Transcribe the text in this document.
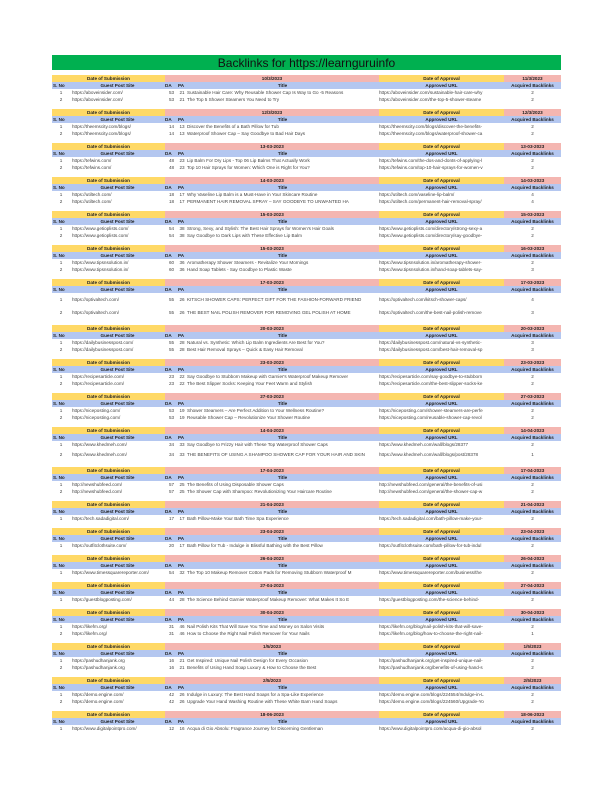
Backlinks for https://learnguruinfo
Date of Submission	10/3/2023	Date of Approval	11/3/2023
S. No	Guest Post Site	DA	PA	Title	Approved URL	Acquired Backlinks
1	https://aboveinsider.com/	53	21 Sustainable Hair Care: Why Reusable Shower Cap Is Way to Go -5 Reasons	https://aboveinsider.com/sustainable-hair-care-why	2
2	https://aboveinsider.com/	53	21 The Top 5 Shower Steamers You Need to Try	https://aboveinsider.com/the-top-5-shower-steame	2
Date of Submission	12/3/2023	Date of Approval	12/3/2023
S. No	Guest Post Site	DA	PA	Title	Approved URL	Acquired Backlinks
1	https://theemscity.com/blogs/	14	13 Discover the Benefits of a Bath Pillow for Tub	https://theemscity.com/blogs/discover-the-benefits-	2
2	https://theemscity.com/blogs/	14	13 Waterproof Shower Cap – Say Goodbye to Bad Hair Days	https://theemscity.com/blogs/waterproof-shower-ca	2
Date of Submission	13-03-2023	Date of Approval	13-03-2023
S. No	Guest Post Site	DA	PA	Title	Approved URL	Acquired Backlinks
1	https://tefwins.com/	48	23 Lip Balm For Dry Lips - Top 06 Lip Balms That Actually Work	https://tefwins.com/the-dos-and-donts-of-applying-l	2
2	https://tefwins.com/	48	23 Top 10 Hair Sprays for Women: Which One is Right for You?	https://tefwins.com/top-10-hair-sprays-for-women-v	2
Date of Submission	14-03-2023	Date of Approval	14-03-2023
S. No	Guest Post Site	DA	PA	Title	Approved URL	Acquired Backlinks
1	https://utiltech.com/	18	17 Why Vaseline Lip Balm is a Must-Have in Your Skincare Routine	https://utiltech.com/vaseline-lip-balm/	4
2	https://utiltech.com/	18	17 PERMANENT HAIR REMOVAL SPRAY – SAY GOODBYE TO UNWANTED HA	https://utiltech.com/permanent-hair-removal-spray/	4
Date of Submission	15-03-2023	Date of Approval	15-03-2023
S. No	Guest Post Site	DA	PA	Title	Approved URL	Acquired Backlinks
1	https://www.getioplists.com/	54	38 Strong, Sexy, and Stylish: The Best Hair Sprays for Women's Hair Goals	https://www.getioplists.com/directory/strong-sexy-a	2
2	https://www.getioplists.com/	54	38 Say Goodbye to Dark Lips with These Effective Lip Balm	https://www.getioplists.com/directory/say-goodbye-	2
Date of Submission	15-03-2023	Date of Approval	16-03-2023
S. No	Guest Post Site	DA	PA	Title	Approved URL	Acquired Backlinks
1	https://www.tipsnsolution.in/	60	36 Aromatherapy Shower Steamers - Revitalize Your Mornings	https://www.tipsnsolution.in/aromatherapy-shower-	2
2	https://www.tipsnsolution.in/	60	36 Hand Soap Tablets - Say Goodbye to Plastic Waste	https://www.tipsnsolution.in/hand-soap-tablets-say-	3
Date of Submission	17-03-2023	Date of Approval	17-03-2023
S. No	Guest Post Site	DA	PA	Title	Approved URL	Acquired Backlinks
1	https://optivaltech.com/	55	26 KITSCH SHOWER CAPS: PERFECT GIFT FOR THE FASHION-FORWARD FRIEND	https://optivaltech.com/kitsch-shower-caps/	4
2	https://optivaltech.com/	55	26 THE BEST NAIL POLISH REMOVER FOR REMOVING GEL POLISH AT HOME	https://optivaltech.com/the-best-nail-polish-remove	3
Date of Submission	20-03-2023	Date of Approval	20-03-2023
S. No	Guest Post Site	DA	PA	Title	Approved URL	Acquired Backlinks
1	https://dailybusinesspost.com/	55	28 Natural vs. Synthetic: Which Lip Balm Ingredients Are Best for You?	https://dailybusinesspost.com/natural-vs-synthetic-	3
2	https://dailybusinesspost.com/	55	28 Best Hair Removal Sprays – Quick & Easy Hair Removal	https://dailybusinesspost.com/best-hair-removal-sp	3
Date of Submission	23-03-2023	Date of Approval	23-03-2023
S. No	Guest Post Site	DA	PA	Title	Approved URL	Acquired Backlinks
1	https://recipesarticle.com/	23	22 Say Goodbye to Stubborn Makeup with Garnier's Waterproof Makeup Remover	https://recipesarticle.com/say-goodbye-to-stubborn	2
2	https://recipesarticle.com/	23	22 The Best Slipper Socks: Keeping Your Feet Warm and Stylish	https://recipesarticle.com/the-best-slipper-socks-ke	2
Date of Submission	27-03-2023	Date of Approval	27-03-2023
S. No	Guest Post Site	DA	PA	Title	Approved URL	Acquired Backlinks
1	https://niceposting.com/	53	19 Shower Steamers – Are Perfect Addition to Your Wellness Routine?	https://niceposting.com/shower-steamers-are-perfe	2
2	https://niceposting.com/	53	19 Reusable Shower Cap – Revolutionize Your Shower Routine	https://niceposting.com/reusable-shower-cap-revol	2
Date of Submission	14-04-2023	Date of Approval	14-04-2023
S. No	Guest Post Site	DA	PA	Title	Approved URL	Acquired Backlinks
1	https://www.khedmeh.com/	34	33 Say Goodbye to Frizzy Hair with These Top Waterproof Shower Caps	https://www.khedmeh.com/wall/blogs/28377	2
2	https://www.khedmeh.com/	34	33 THE BENEFITS OF USING A SHAMPOO SHOWER CAP FOR YOUR HAIR AND SKIN	https://www.khedmeh.com/wall/blogs/post/28378	1
Date of Submission	17-04-2023	Date of Approval	17-04-2023
S. No	Guest Post Site	DA	PA	Title	Approved URL	Acquired Backlinks
1	http://newshubfeed.com/	57	25 The Benefits of Using Disposable Shower Caps	http://newshubfeed.com/general/the-benefits-of-usi	2
2	http://newshubfeed.com/	57	25 The Shower Cap with Shampoo: Revolutionizing Your Haircare Routine	http://newshubfeed.com/general/the-shower-cap-w	2
Date of Submission	21-04-2023	Date of Approval	21-04-2023
S. No	Guest Post Site	DA	PA	Title	Approved URL	Acquired Backlinks
1	https://tech.sadadigital.com/	17	17 Bath Pillow-Make Your Bath Time Spa Experience	https://tech.sadadigital.com/bath-pillow-make-your-	2
Date of Submission	23-04-2023	Date of Approval	23-04-2023
S. No	Guest Post Site	DA	PA	Title	Approved URL	Acquired Backlinks
1	https://outfitclothsuite.com/	20	17 Bath Pillow for Tub - Indulge in Blissful Bathing with the Best Pillow	https://outfitclothsuite.com/bath-pillow-for-tub-indul	2
Date of Submission	26-04-2023	Date of Approval	26-04-2023
S. No	Guest Post Site	DA	PA	Title	Approved URL	Acquired Backlinks
1	https://www.timessquarereporter.com/	54	32 The Top 10 Makeup Remover Cotton Pads for Removing Stubborn Waterproof M	https://www.timessquarereporter.com/business/the	2
Date of Submission	27-04-2023	Date of Approval	27-04-2023
S. No	Guest Post Site	DA	PA	Title	Approved URL	Acquired Backlinks
1	https://guestblogposting.com/	44	28 The Science Behind Garnier Waterproof Makeup Remover: What Makes It So E	https://guestblogposting.com/the-science-behind-	2
Date of Submission	30-04-2023	Date of Approval	30-04-2023
S. No	Guest Post Site	DA	PA	Title	Approved URL	Acquired Backlinks
1	https://likefm.org/	31	46 Nail Polish Kits That Will Save You Time and Money on Salon Visits	https://likefm.org/blog/nail-polish-kits-that-will-save-	2
2	https://likefm.org/	31	46 How to Choose the Right Nail Polish Remover for Your Nails	https://likefm.org/blog/how-to-choose-the-right-nail-	1
Date of Submission	1/5/2023	Date of Approval	1/5/2023
S. No	Guest Post Site	DA	PA	Title	Approved URL	Acquired Backlinks
1	https://pashudhanjank.org	16	21 Get Inspired: Unique Nail Polish Design for Every Occasion	https://pashudhanjank.org/get-inspired-unique-nail-	2
2	https://pashudhanjank.org	16	21 Benefits of Using Hand Soap Luxury & How to Choose the Best	https://pashudhanjank.org/benefits-of-using-hand-s	2
Date of Submission	2/5/2023	Date of Approval	2/5/2023
S. No	Guest Post Site	DA	PA	Title	Approved URL	Acquired Backlinks
1	https://demo.engine.com/	42	26 Indulge in Luxury: The Best Hand Soaps for a Spa-Like Experience	https://demo.engine.com/blogs/224554/Indulge-in-L	2
2	https://demo.engine.com/	42	26 Upgrade Your Hand Washing Routine with These White Barn Hand Soaps	https://demo.engine.com/blogs/224560/Upgrade-Yo	2
Date of Submission	18-06-2023	Date of Approval	18-06-2023
S. No	Guest Post Site	DA	PA	Title	Approved URL	Acquired Backlinks
1	https://www.digitalpointpro.com/	12	16 Acqua di Gio Absolu: Fragrance Journey for Discerning Gentleman	https://www.digitalpointpro.com/acqua-di-gio-absol	2
